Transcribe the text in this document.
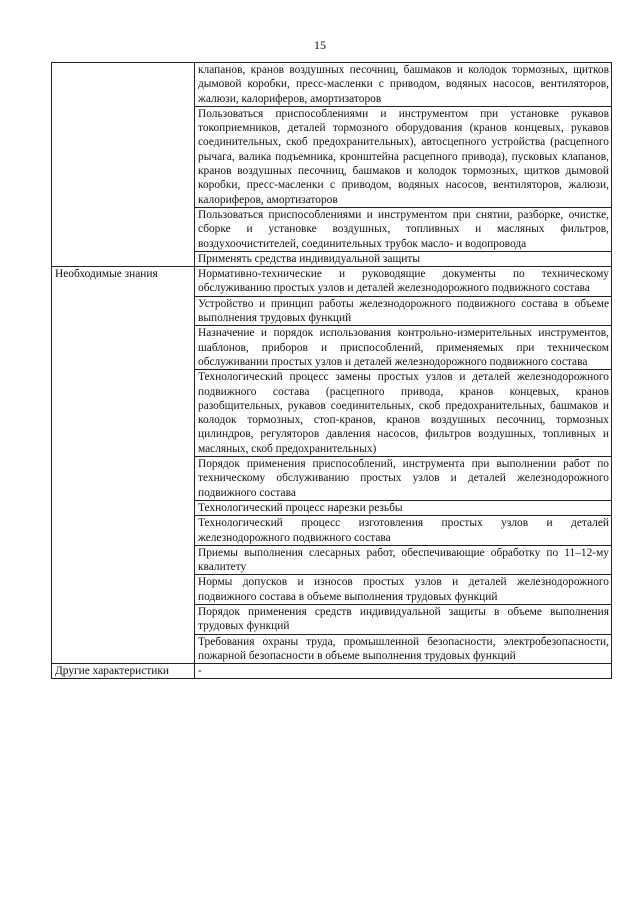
15
	клапанов, кранов воздушных песочниц, башмаков и колодок тормозных, щитков дымовой коробки, пресс-масленки с приводом, водяных насосов, вентиляторов, жалюзи, калориферов, амортизаторов
	Пользоваться приспособлениями и инструментом при установке рукавов токоприемников, деталей тормозного оборудования (кранов концевых, рукавов соединительных, скоб предохранительных), автосцепного устройства (расцепного рычага, валика подъемника, кронштейна расцепного привода), пусковых клапанов, кранов воздушных песочниц, башмаков и колодок тормозных, щитков дымовой коробки, пресс-масленки с приводом, водяных насосов, вентиляторов, жалюзи, калориферов, амортизаторов
	Пользоваться приспособлениями и инструментом при снятии, разборке, очистке, сборке и установке воздушных, топливных и масляных фильтров, воздухоочистителей, соединительных трубок масло- и водопровода
	Применять средства индивидуальной защиты
Необходимые знания	Нормативно-технические и руководящие документы по техническому обслуживанию простых узлов и деталей железнодорожного подвижного состава
	Устройство и принцип работы железнодорожного подвижного состава в объеме выполнения трудовых функций
	Назначение и порядок использования контрольно-измерительных инструментов, шаблонов, приборов и приспособлений, применяемых при техническом обслуживании простых узлов и деталей железнодорожного подвижного состава
	Технологический процесс замены простых узлов и деталей железнодорожного подвижного состава (расцепного привода, кранов концевых, кранов разобщительных, рукавов соединительных, скоб предохранительных, башмаков и колодок тормозных, стоп-кранов, кранов воздушных песочниц, тормозных цилиндров, регуляторов давления насосов, фильтров воздушных, топливных и масляных, скоб предохранительных)
	Порядок применения приспособлений, инструмента при выполнении работ по техническому обслуживанию простых узлов и деталей железнодорожного подвижного состава
	Технологический процесс нарезки резьбы
	Технологический процесс изготовления простых узлов и деталей железнодорожного подвижного состава
	Приемы выполнения слесарных работ, обеспечивающие обработку по 11–12-му квалитету
	Нормы допусков и износов простых узлов и деталей железнодорожного подвижного состава в объеме выполнения трудовых функций
	Порядок применения средств индивидуальной защиты в объеме выполнения трудовых функций
	Требования охраны труда, промышленной безопасности, электробезопасности, пожарной безопасности в объеме выполнения трудовых функций
Другие характеристики	-
